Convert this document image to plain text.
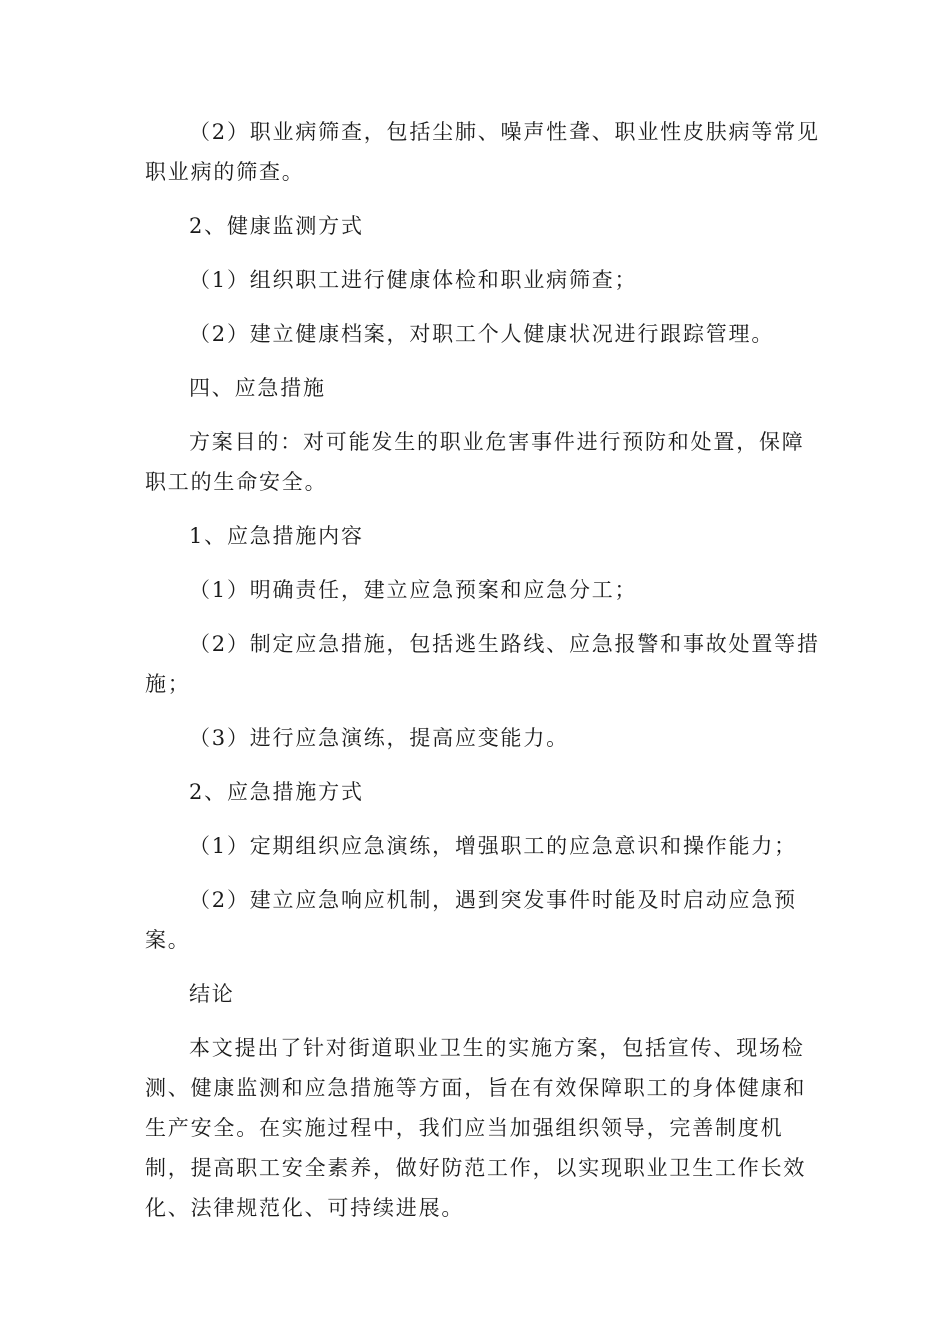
（2）职业病筛查，包括尘肺、噪声性聋、职业性皮肤病等常见职业病的筛查。

2、健康监测方式

（1）组织职工进行健康体检和职业病筛查；

（2）建立健康档案，对职工个人健康状况进行跟踪管理。

四、应急措施

方案目的：对可能发生的职业危害事件进行预防和处置，保障职工的生命安全。

1、应急措施内容

（1）明确责任，建立应急预案和应急分工；

（2）制定应急措施，包括逃生路线、应急报警和事故处置等措施；

（3）进行应急演练，提高应变能力。

2、应急措施方式

（1）定期组织应急演练，增强职工的应急意识和操作能力；

（2）建立应急响应机制，遇到突发事件时能及时启动应急预案。

结论

本文提出了针对街道职业卫生的实施方案，包括宣传、现场检测、健康监测和应急措施等方面，旨在有效保障职工的身体健康和生产安全。在实施过程中，我们应当加强组织领导，完善制度机制，提高职工安全素养，做好防范工作，以实现职业卫生工作长效化、法律规范化、可持续进展。
